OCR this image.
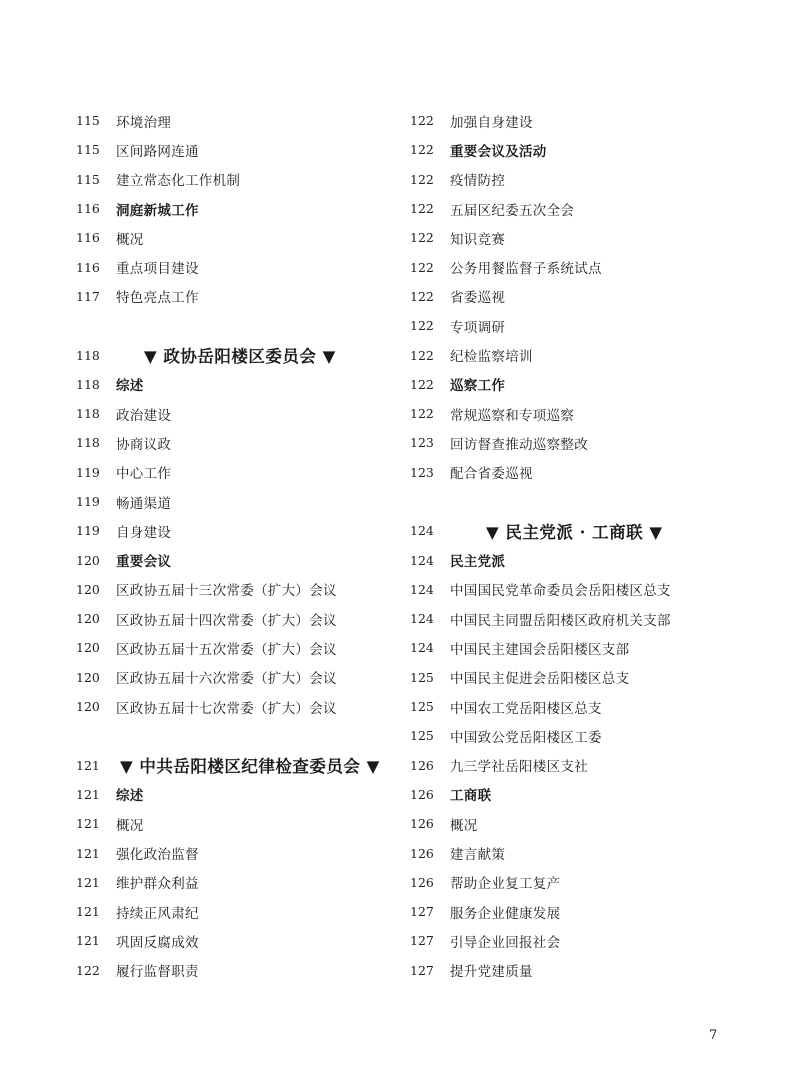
115	环境治理
115	区间路网连通
115	建立常态化工作机制
116	洞庭新城工作
116	概况
116	重点项目建设
117	特色亮点工作
118	▼ 政协岳阳楼区委员会 ▼
118	综述
118	政治建设
118	协商议政
119	中心工作
119	畅通渠道
119	自身建设
120	重要会议
120	区政协五届十三次常委（扩大）会议
120	区政协五届十四次常委（扩大）会议
120	区政协五届十五次常委（扩大）会议
120	区政协五届十六次常委（扩大）会议
120	区政协五届十七次常委（扩大）会议
121	▼ 中共岳阳楼区纪律检查委员会 ▼
121	综述
121	概况
121	强化政治监督
121	维护群众利益
121	持续正风肃纪
121	巩固反腐成效
122	履行监督职责
122	加强自身建设
122	重要会议及活动
122	疫情防控
122	五届区纪委五次全会
122	知识竞赛
122	公务用餐监督子系统试点
122	省委巡视
122	专项调研
122	纪检监察培训
122	巡察工作
122	常规巡察和专项巡察
123	回访督查推动巡察整改
123	配合省委巡视
124	▼ 民主党派 · 工商联 ▼
124	民主党派
124	中国国民党革命委员会岳阳楼区总支
124	中国民主同盟岳阳楼区政府机关支部
124	中国民主建国会岳阳楼区支部
125	中国民主促进会岳阳楼区总支
125	中国农工党岳阳楼区总支
125	中国致公党岳阳楼区工委
126	九三学社岳阳楼区支社
126	工商联
126	概况
126	建言献策
126	帮助企业复工复产
127	服务企业健康发展
127	引导企业回报社会
127	提升党建质量
7
